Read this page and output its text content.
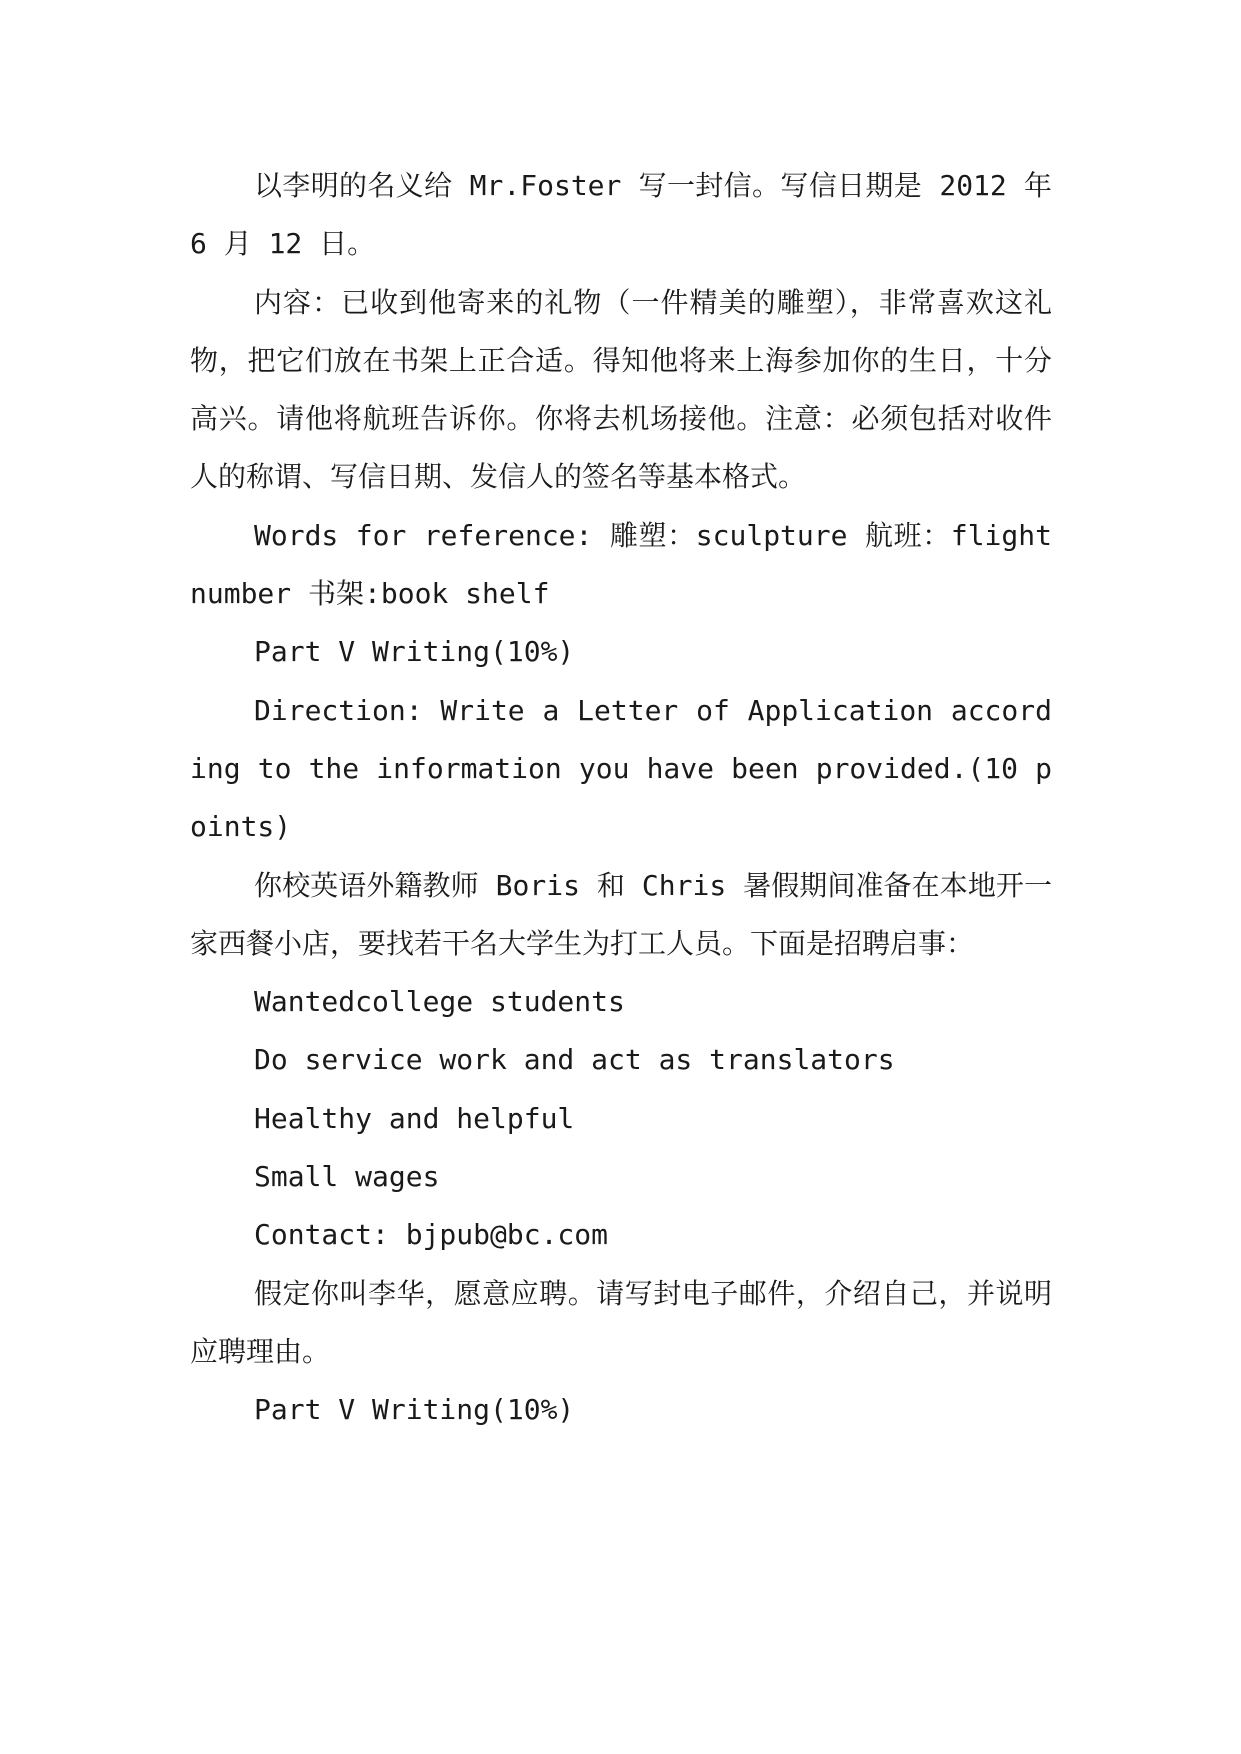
以李明的名义给 Mr.Foster 写一封信。写信日期是 2012 年 6 月 12 日。

内容：已收到他寄来的礼物（一件精美的雕塑），非常喜欢这礼物，把它们放在书架上正合适。得知他将来上海参加你的生日，十分高兴。请他将航班告诉你。你将去机场接他。注意：必须包括对收件人的称谓、写信日期、发信人的签名等基本格式。

Words for reference: 雕塑：sculpture 航班：flight number 书架:book shelf

Part V Writing(10%)

Direction: Write a Letter of Application according to the information you have been provided.(10 points)

你校英语外籍教师 Boris 和 Chris 暑假期间准备在本地开一家西餐小店，要找若干名大学生为打工人员。下面是招聘启事：

Wantedcollege students

Do service work and act as translators

Healthy and helpful

Small wages

Contact: bjpub@bc.com

假定你叫李华，愿意应聘。请写封电子邮件，介绍自己，并说明应聘理由。

Part V Writing(10%)
